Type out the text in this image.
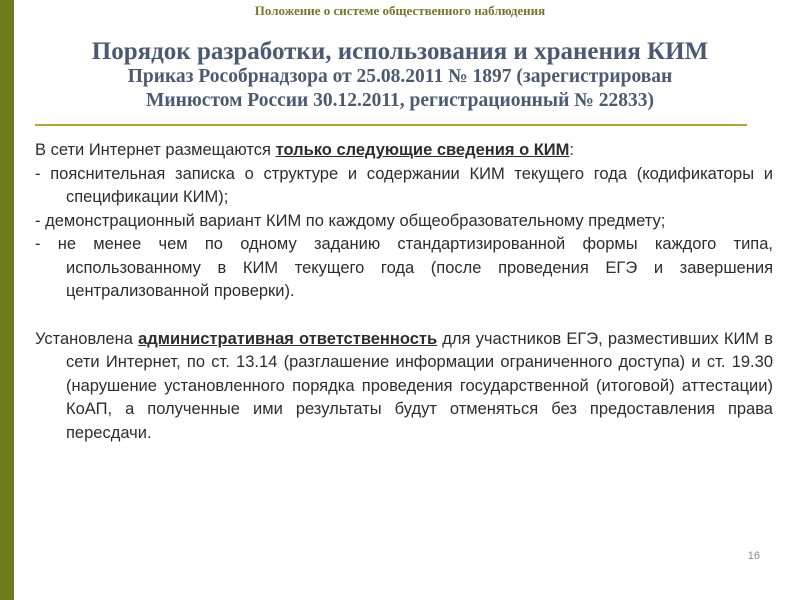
Положение о системе общественного наблюдения
Порядок разработки, использования и хранения КИМ
Приказ Рособрнадзора от 25.08.2011 № 1897 (зарегистрирован
Минюстом России 30.12.2011, регистрационный № 22833)

В сети Интернет размещаются только следующие сведения о КИМ:

- пояснительная записка о структуре и содержании КИМ текущего года (кодификаторы и спецификации КИМ);

- демонстрационный вариант КИМ по каждому общеобразовательному предмету;

- не менее чем по одному заданию стандартизированной формы каждого типа, использованному в КИМ текущего года (после проведения ЕГЭ и завершения централизованной проверки).

Установлена административная ответственность для участников ЕГЭ, разместивших КИМ в сети Интернет, по ст. 13.14 (разглашение информации ограниченного доступа) и ст. 19.30 (нарушение установленного порядка проведения государственной (итоговой) аттестации) КоАП, а полученные ими результаты будут отменяться без предоставления права пересдачи.

16
